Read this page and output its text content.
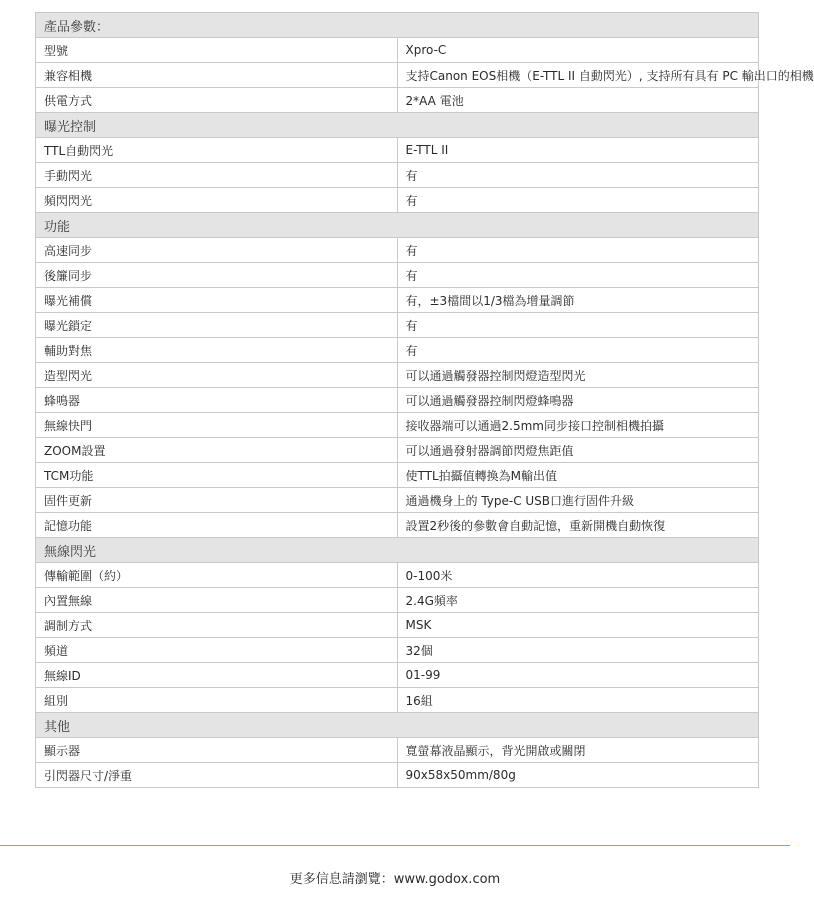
產品參數：	
型號	Xpro-C
兼容相機	支持Canon EOS相機（E-TTL II 自動閃光）, 支持所有具有 PC 輸出口的相機
供電方式	2*AA 電池
曝光控制	
TTL自動閃光	E-TTL II
手動閃光	有
頻閃閃光	有
功能	
高速同步	有
後簾同步	有
曝光補償	有，±3檔間以1/3檔為增量調節
曝光鎖定	有
輔助對焦	有
造型閃光	可以通過觸發器控制閃燈造型閃光
蜂鳴器	可以通過觸發器控制閃燈蜂鳴器
無線快門	接收器端可以通過2.5mm同步接口控制相機拍攝
ZOOM設置	可以通過發射器調節閃燈焦距值
TCM功能	使TTL拍攝值轉換為M輸出值
固件更新	通過機身上的 Type-C USB口進行固件升級
記憶功能	設置2秒後的參數會自動記憶，重新開機自動恢復
無線閃光	
傳輸範圍（約）	0-100米
內置無線	2.4G頻率
調制方式	MSK
頻道	32個
無線ID	01-99
組別	16組
其他	
顯示器	寬螢幕液晶顯示，背光開啟或關閉
引閃器尺寸/淨重	90x58x50mm/80g
更多信息請瀏覽：www.godox.com
